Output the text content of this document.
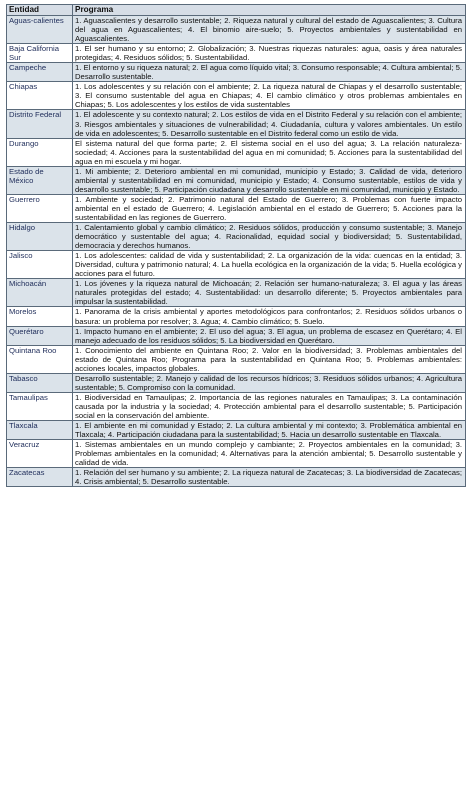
Entidad	Programa
Aguas-calientes	1. Aguascalientes y desarrollo sustentable; 2. Riqueza natural y cultural del estado de Aguascalientes; 3. Cultura del agua en Aguascalientes; 4. El binomio aire-suelo; 5. Proyectos ambientales y sustentabilidad en Aguascalientes.
Baja California Sur	1. El ser humano y su entorno; 2. Globalización; 3. Nuestras riquezas naturales: agua, oasis y área naturales protegidas; 4. Residuos sólidos; 5. Sustentabilidad.
Campeche	1. El entorno y su riqueza natural; 2. El agua como líquido vital; 3. Consumo responsable; 4. Cultura ambiental; 5. Desarrollo sustentable.
Chiapas	1. Los adolescentes y su relación con el ambiente; 2. La riqueza natural de Chiapas y el desarrollo sustentable; 3. El consumo sustentable del agua en Chiapas; 4. El cambio climático y otros problemas ambientales en Chiapas; 5. Los adolescentes y los estilos de vida sustentables
Distrito Federal	1. El adolescente y su contexto natural; 2. Los estilos de vida en el Distrito Federal y su relación con el ambiente; 3. Riesgos ambientales y situaciones de vulnerabilidad; 4. Ciudadanía, cultura y valores ambientales. Un estilo de vida en adolescentes; 5. Desarrollo sustentable en el Distrito federal como un estilo de vida.
Durango	El sistema natural del que forma parte; 2. El sistema social en el uso del agua; 3. La relación naturaleza-sociedad; 4. Acciones para la sustentabilidad del agua en mi comunidad; 5. Acciones para la sustentabilidad del agua en mi escuela y mi hogar.
Estado de México	1. Mi ambiente; 2. Deterioro ambiental en mi comunidad, municipio y Estado; 3. Calidad de vida, deterioro ambiental y sustentabilidad en mi comunidad, municipio y Estado; 4. Consumo sustentable, estilos de vida y desarrollo sustentable; 5. Participación ciudadana y desarrollo sustentable en mi comunidad, municipio y Estado.
Guerrero	1. Ambiente y sociedad; 2. Patrimonio natural del Estado de Guerrero; 3. Problemas con fuerte impacto ambiental en el estado de Guerrero; 4. Legislación ambiental en el estado de Guerrero; 5. Acciones para la sustentabilidad en las regiones de Guerrero.
Hidalgo	1. Calentamiento global y cambio climático; 2. Residuos sólidos, producción y consumo sustentable; 3. Manejo democrático y sustentable del agua; 4. Racionalidad, equidad social y biodiversidad; 5. Sustentabilidad, democracia y derechos humanos.
Jalisco	1. Los adolescentes: calidad de vida y sustentabilidad; 2. La organización de la vida: cuencas en la entidad; 3. Diversidad, cultura y patrimonio natural; 4. La huella ecológica en la organización de la vida; 5. Huella ecológica y acciones para el futuro.
Michoacán	1. Los jóvenes y la riqueza natural de Michoacán; 2. Relación ser humano-naturaleza; 3. El agua y las áreas naturales protegidas del estado; 4. Sustentabilidad: un desarrollo diferente; 5. Proyectos ambientales para impulsar la sustentabilidad.
Morelos	1. Panorama de la crisis ambiental y aportes metodológicos para confrontarlos; 2. Residuos sólidos urbanos o basura: un problema por resolver; 3. Agua; 4. Cambio climático; 5. Suelo.
Querétaro	1. Impacto humano en el ambiente; 2. El uso del agua; 3. El agua, un problema de escasez en Querétaro; 4. El manejo adecuado de los residuos sólidos; 5. La biodiversidad en Querétaro.
Quintana Roo	1. Conocimiento del ambiente en Quintana Roo; 2. Valor en la biodiversidad; 3. Problemas ambientales del estado de Quintana Roo; Programa para la sustentabilidad en Quintana Roo; 5. Problemas ambientales: acciones locales, impactos globales.
Tabasco	Desarrollo sustentable; 2. Manejo y calidad de los recursos hídricos; 3. Residuos sólidos urbanos; 4. Agricultura sustentable; 5. Compromiso con la comunidad.
Tamaulipas	1. Biodiversidad en Tamaulipas; 2. Importancia de las regiones naturales en Tamaulipas; 3. La contaminación causada por la industria y la sociedad; 4. Protección ambiental para el desarrollo sustentable; 5. Participación social en la conservación del ambiente.
Tlaxcala	1. El ambiente en mi comunidad y Estado; 2. La cultura ambiental y mi contexto; 3. Problemática ambiental en Tlaxcala; 4. Participación ciudadana para la sustentabilidad; 5. Hacia un desarrollo sustentable en Tlaxcala.
Veracruz	1. Sistemas ambientales en un mundo complejo y cambiante; 2. Proyectos ambientales en la comunidad; 3. Problemas ambientales en la comunidad; 4. Alternativas para la atención ambiental; 5. Desarrollo sustentable y calidad de vida.
Zacatecas	1. Relación del ser humano y su ambiente; 2. La riqueza natural de Zacatecas; 3. La biodiversidad de Zacatecas; 4. Crisis ambiental; 5. Desarrollo sustentable.
